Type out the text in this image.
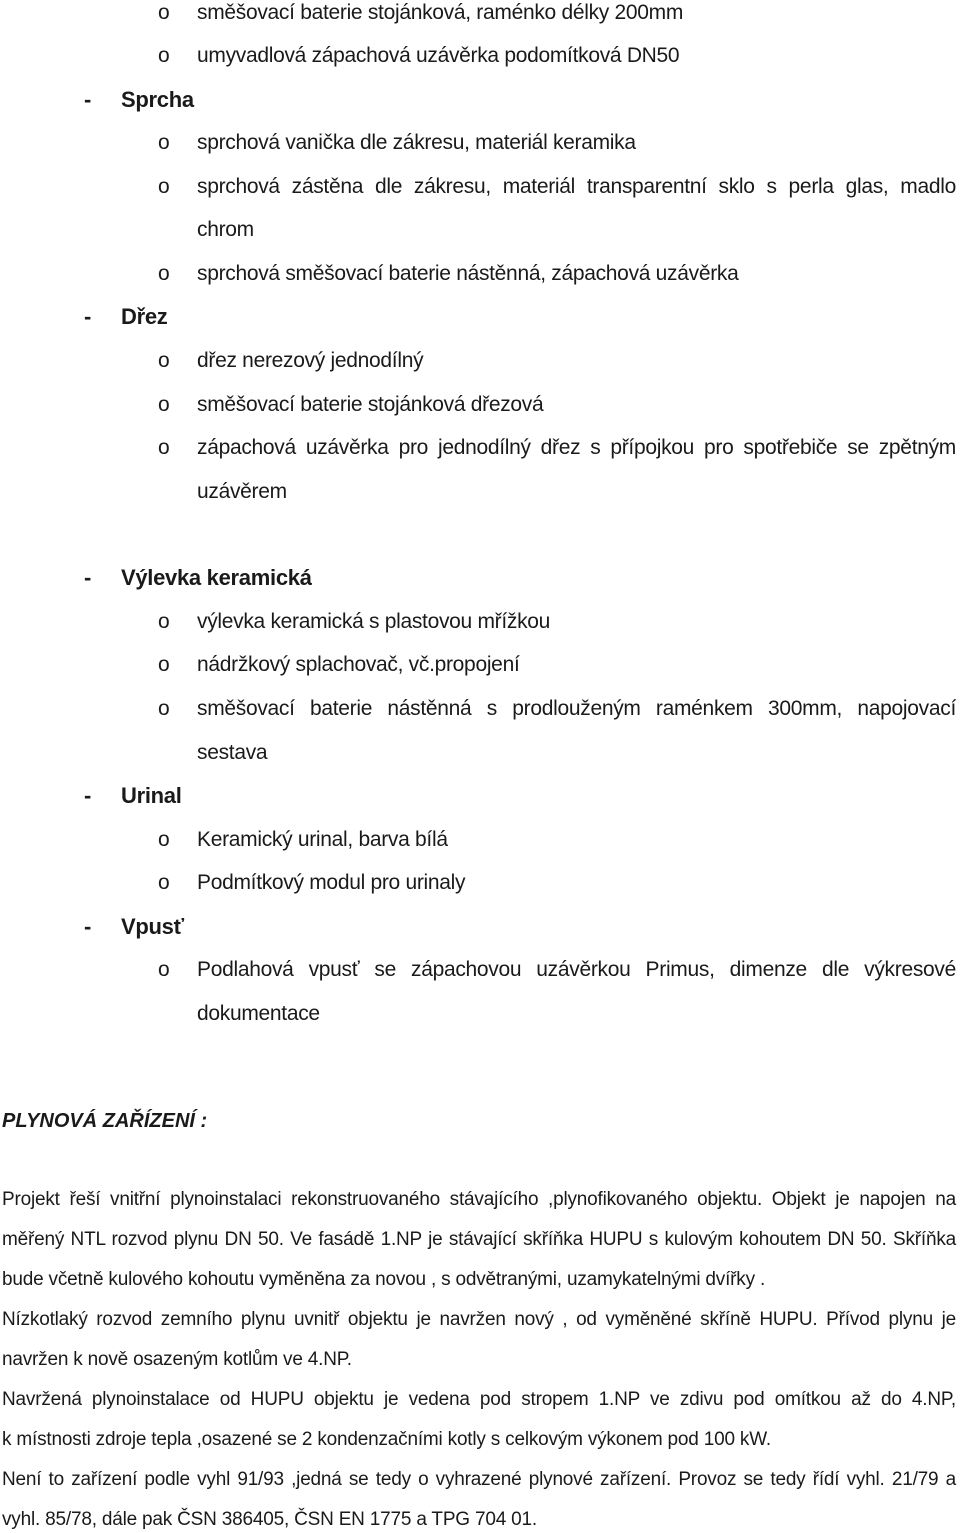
o směšovací baterie stojánková, raménko délky 200mm
o umyvadlová zápachová uzávěrka podomítková DN50
- Sprcha
o sprchová vanička dle zákresu, materiál keramika
o sprchová zástěna dle zákresu, materiál transparentní sklo s perla glas, madlo
chrom
o sprchová směšovací baterie nástěnná, zápachová uzávěrka
- Dřez
o dřez nerezový jednodílný
o směšovací baterie stojánková dřezová
o zápachová uzávěrka pro jednodílný dřez s přípojkou pro spotřebiče se zpětným
uzávěrem
- Výlevka keramická
o výlevka keramická s plastovou mřížkou
o nádržkový splachovač, vč.propojení
o směšovací baterie nástěnná s prodlouženým raménkem 300mm, napojovací
sestava
- Urinal
o Keramický urinal, barva bílá
o Podmítkový modul pro urinaly
- Vpusť
o Podlahová vpusť se zápachovou uzávěrkou Primus, dimenze dle výkresové
dokumentace
PLYNOVÁ ZAŘÍZENÍ :
Projekt řeší vnitřní plynoinstalaci rekonstruovaného stávajícího ,plynofikovaného objektu. Objekt je napojen na
měřený NTL rozvod plynu DN 50. Ve fasádě 1.NP je stávající skříňka HUPU s kulovým kohoutem DN 50. Skříňka
bude včetně kulového kohoutu vyměněna za novou , s odvětranými, uzamykatelnými dvířky .
Nízkotlaký rozvod zemního plynu uvnitř objektu je navržen nový , od vyměněné skříně HUPU. Přívod plynu je
navržen k nově osazeným kotlům ve 4.NP.
Navržená plynoinstalace od HUPU objektu je vedena pod stropem 1.NP ve zdivu pod omítkou až do 4.NP,
k místnosti zdroje tepla ,osazené se 2 kondenzačními kotly s celkovým výkonem pod 100 kW.
Není to zařízení podle vyhl 91/93 ,jedná se tedy o vyhrazené plynové zařízení. Provoz se tedy řídí vyhl. 21/79 a
vyhl. 85/78, dále pak ČSN 386405, ČSN EN 1775 a TPG 704 01.
